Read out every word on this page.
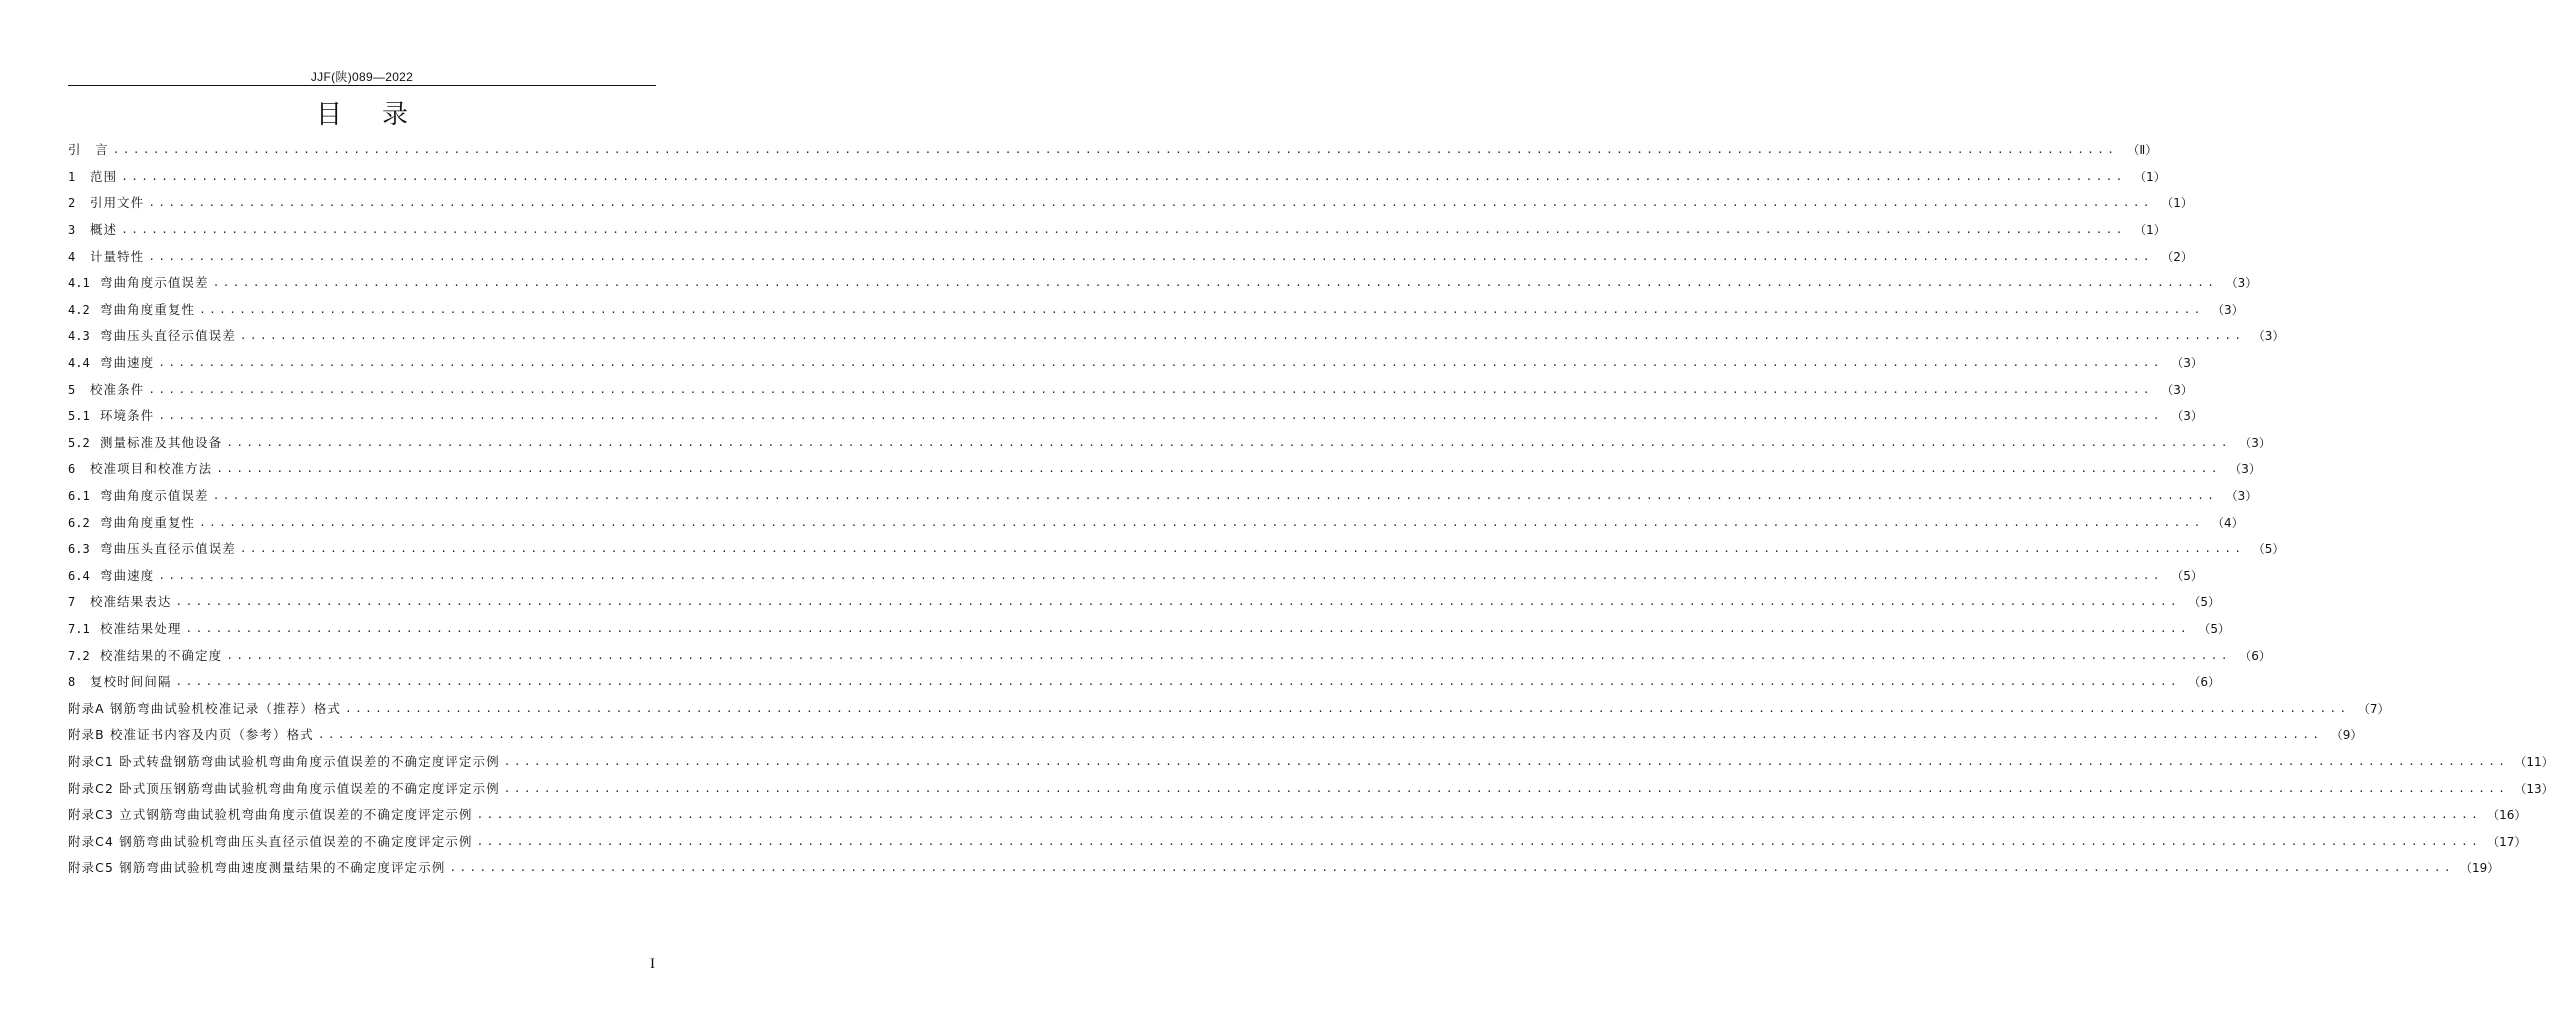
JJF(陕)089—2022
目录
引　言 ........................................................................................................................................................................................................ （Ⅱ）
1	范围 ........................................................................................................................................................................................................ （1）
2	引用文件 ........................................................................................................................................................................................................ （1）
3	概述 ........................................................................................................................................................................................................ （1）
4	计量特性 ........................................................................................................................................................................................................ （2）
4.1 弯曲角度示值误差 ........................................................................................................................................................................................................ （3）
4.2 弯曲角度重复性 ........................................................................................................................................................................................................ （3）
4.3 弯曲压头直径示值误差 ........................................................................................................................................................................................................ （3）
4.4 弯曲速度 ........................................................................................................................................................................................................ （3）
5	校准条件 ........................................................................................................................................................................................................ （3）
5.1 环境条件 ........................................................................................................................................................................................................ （3）
5.2 测量标准及其他设备 ........................................................................................................................................................................................................ （3）
6	校准项目和校准方法 ........................................................................................................................................................................................................ （3）
6.1 弯曲角度示值误差 ........................................................................................................................................................................................................ （3）
6.2 弯曲角度重复性 ........................................................................................................................................................................................................ （4）
6.3 弯曲压头直径示值误差 ........................................................................................................................................................................................................ （5）
6.4 弯曲速度 ........................................................................................................................................................................................................ （5）
7	校准结果表达 ........................................................................................................................................................................................................ （5）
7.1 校准结果处理 ........................................................................................................................................................................................................ （5）
7.2 校准结果的不确定度 ........................................................................................................................................................................................................ （6）
8	复校时间间隔 ........................................................................................................................................................................................................ （6）
附录A 钢筋弯曲试验机校准记录（推荐）格式 ........................................................................................................................................................................................................ （7）
附录B 校准证书内容及内页（参考）格式 ........................................................................................................................................................................................................ （9）
附录C1 卧式转盘钢筋弯曲试验机弯曲角度示值误差的不确定度评定示例 ........................................................................................................................................................................................................ （11）
附录C2 卧式顶压钢筋弯曲试验机弯曲角度示值误差的不确定度评定示例 ........................................................................................................................................................................................................ （13）
附录C3 立式钢筋弯曲试验机弯曲角度示值误差的不确定度评定示例 ........................................................................................................................................................................................................ （16）
附录C4 钢筋弯曲试验机弯曲压头直径示值误差的不确定度评定示例 ........................................................................................................................................................................................................ （17）
附录C5 钢筋弯曲试验机弯曲速度测量结果的不确定度评定示例 ........................................................................................................................................................................................................ （19）
I
